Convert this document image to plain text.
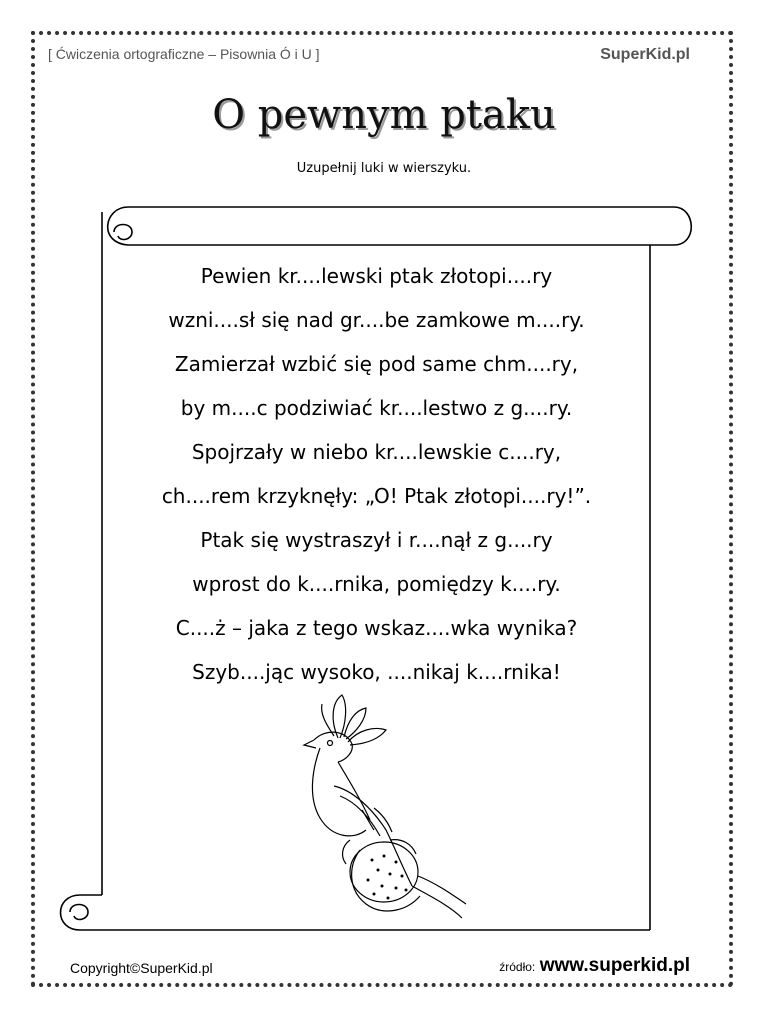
[ Ćwiczenia ortograficzne – Pisownia Ó i U ]	SuperKid.pl
O pewnym ptaku
Uzupełnij luki w wierszyku.
Pewien kr....lewski ptak złotopi....ry
wzni....sł się nad gr....be zamkowe m....ry.
Zamierzał wzbić się pod same chm....ry,
by m....c podziwiać kr....lestwo z g....ry.
Spojrzały w niebo kr....lewskie c....ry,
ch....rem krzyknęły: „O! Ptak złotopi....ry!”.
Ptak się wystraszył i r....nął z g....ry
wprost do k....rnika, pomiędzy k....ry.
C....ż – jaka z tego wskaz....wka wynika?
Szyb....jąc wysoko, ....nikaj k....rnika!
Copyright©SuperKid.pl	źródło: www.superkid.pl
